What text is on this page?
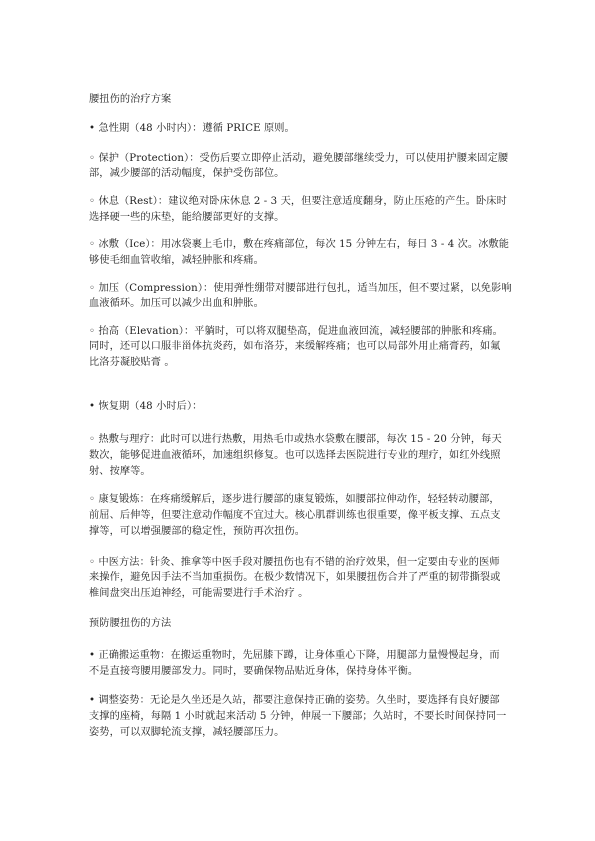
腰扭伤的治疗方案
• 急性期（48 小时内）：遵循 PRICE 原则。
◦ 保护（Protection）：受伤后要立即停止活动，避免腰部继续受力，可以使用护腰来固定腰
部，减少腰部的活动幅度，保护受伤部位。
◦ 休息（Rest）：建议绝对卧床休息 2 - 3 天，但要注意适度翻身，防止压疮的产生。卧床时
选择硬一些的床垫，能给腰部更好的支撑。
◦ 冰敷（Ice）：用冰袋裹上毛巾，敷在疼痛部位，每次 15 分钟左右，每日 3 - 4 次。冰敷能
够使毛细血管收缩，减轻肿胀和疼痛。
◦ 加压（Compression）：使用弹性绷带对腰部进行包扎，适当加压，但不要过紧，以免影响
血液循环。加压可以减少出血和肿胀。
◦ 抬高（Elevation）：平躺时，可以将双腿垫高，促进血液回流，减轻腰部的肿胀和疼痛。
同时，还可以口服非甾体抗炎药，如布洛芬，来缓解疼痛；也可以局部外用止痛膏药，如氟
比洛芬凝胶贴膏 。
• 恢复期（48 小时后）：
◦ 热敷与理疗：此时可以进行热敷，用热毛巾或热水袋敷在腰部，每次 15 - 20 分钟，每天
数次，能够促进血液循环，加速组织修复。也可以选择去医院进行专业的理疗，如红外线照
射、按摩等。
◦ 康复锻炼：在疼痛缓解后，逐步进行腰部的康复锻炼，如腰部拉伸动作，轻轻转动腰部，
前屈、后伸等，但要注意动作幅度不宜过大。核心肌群训练也很重要，像平板支撑、五点支
撑等，可以增强腰部的稳定性，预防再次扭伤。
◦ 中医方法：针灸、推拿等中医手段对腰扭伤也有不错的治疗效果，但一定要由专业的医师
来操作，避免因手法不当加重损伤。在极少数情况下，如果腰扭伤合并了严重的韧带撕裂或
椎间盘突出压迫神经，可能需要进行手术治疗 。
预防腰扭伤的方法
• 正确搬运重物：在搬运重物时，先屈膝下蹲，让身体重心下降，用腿部力量慢慢起身，而
不是直接弯腰用腰部发力。同时，要确保物品贴近身体，保持身体平衡。
• 调整姿势：无论是久坐还是久站，都要注意保持正确的姿势。久坐时，要选择有良好腰部
支撑的座椅，每隔 1 小时就起来活动 5 分钟，伸展一下腰部；久站时，不要长时间保持同一
姿势，可以双脚轮流支撑，减轻腰部压力。
